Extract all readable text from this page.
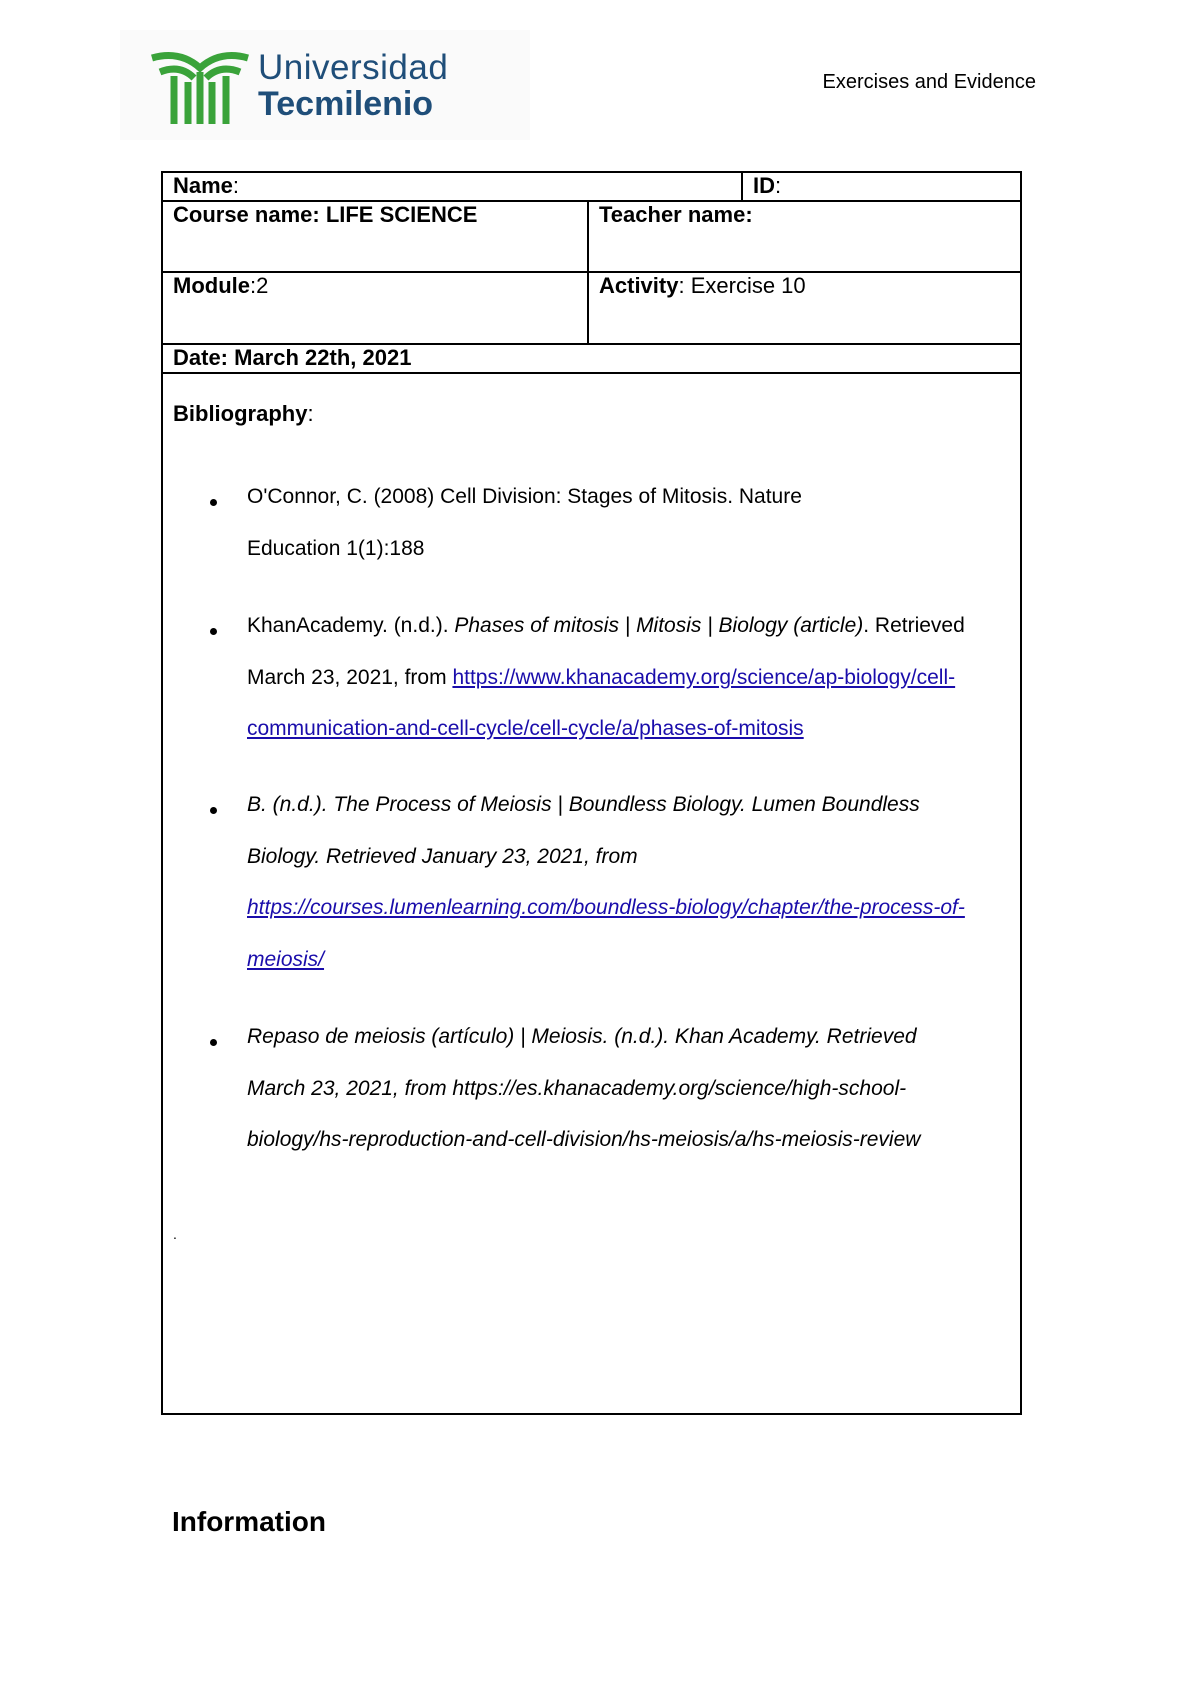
Universidad
Tecmilenio
Exercises and Evidence
Name:	ID:
Course name: LIFE SCIENCE	Teacher name:
Module:2	Activity: Exercise 10
Date: March 22th, 2021
Bibliography:
O'Connor, C. (2008) Cell Division: Stages of Mitosis. Nature
Education 1(1):188
KhanAcademy. (n.d.). Phases of mitosis | Mitosis | Biology (article). Retrieved
March 23, 2021, from https://www.khanacademy.org/science/ap-biology/cell-
communication-and-cell-cycle/cell-cycle/a/phases-of-mitosis
B. (n.d.). The Process of Meiosis | Boundless Biology. Lumen Boundless
Biology. Retrieved January 23, 2021, from
https://courses.lumenlearning.com/boundless-biology/chapter/the-process-of-
meiosis/
Repaso de meiosis (artículo) | Meiosis. (n.d.). Khan Academy. Retrieved
March 23, 2021, from https://es.khanacademy.org/science/high-school-
biology/hs-reproduction-and-cell-division/hs-meiosis/a/hs-meiosis-review
.
Information
